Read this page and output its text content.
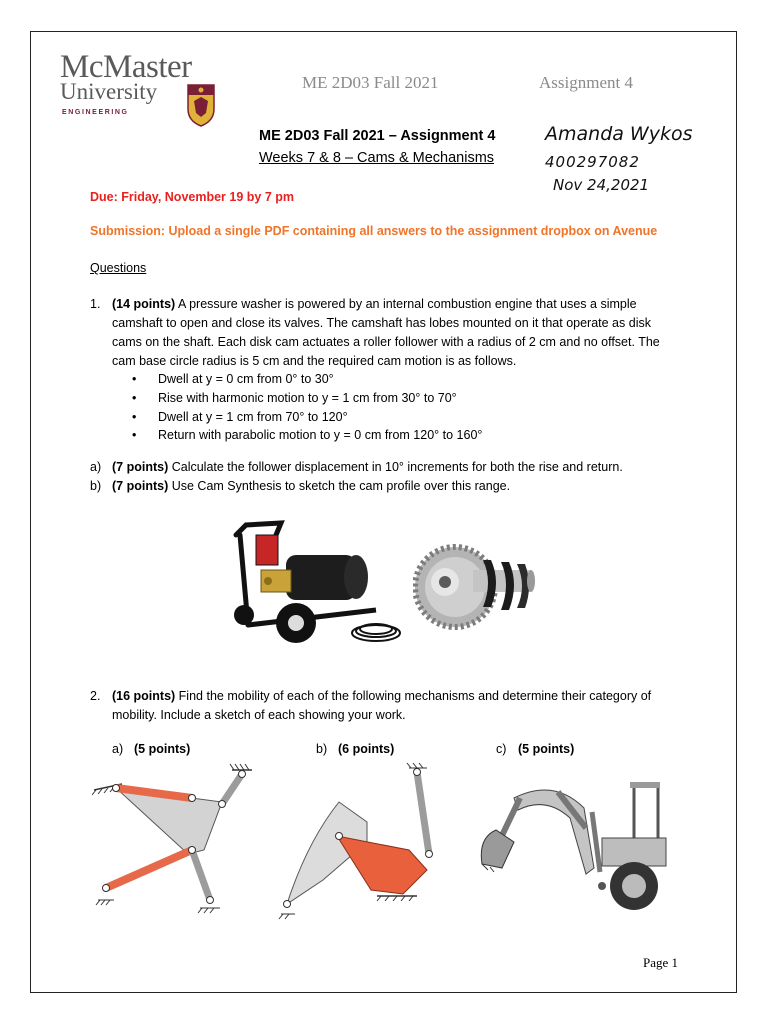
McMaster
University
ENGINEERING
ME 2D03 Fall 2021	Assignment 4
ME 2D03 Fall 2021 – Assignment 4
Weeks 7 & 8 – Cams & Mechanisms
Amanda Wykos
400297082
Nov 24,2021
Due: Friday, November 19 by 7 pm
Submission: Upload a single PDF containing all answers to the assignment dropbox on Avenue
Questions
1. (14 points) A pressure washer is powered by an internal combustion engine that uses a simple
camshaft to open and close its valves. The camshaft has lobes mounted on it that operate as disk
cams on the shaft. Each disk cam actuates a roller follower with a radius of 2 cm and no offset. The
cam base circle radius is 5 cm and the required cam motion is as follows.
• Dwell at y = 0 cm from 0° to 30°
• Rise with harmonic motion to y = 1 cm from 30° to 70°
• Dwell at y = 1 cm from 70° to 120°
• Return with parabolic motion to y = 0 cm from 120° to 160°
a) (7 points) Calculate the follower displacement in 10° increments for both the rise and return.
b) (7 points) Use Cam Synthesis to sketch the cam profile over this range.
2. (16 points) Find the mobility of each of the following mechanisms and determine their category of
mobility. Include a sketch of each showing your work.
a) (5 points)	b) (6 points)	c) (5 points)
Page 1
